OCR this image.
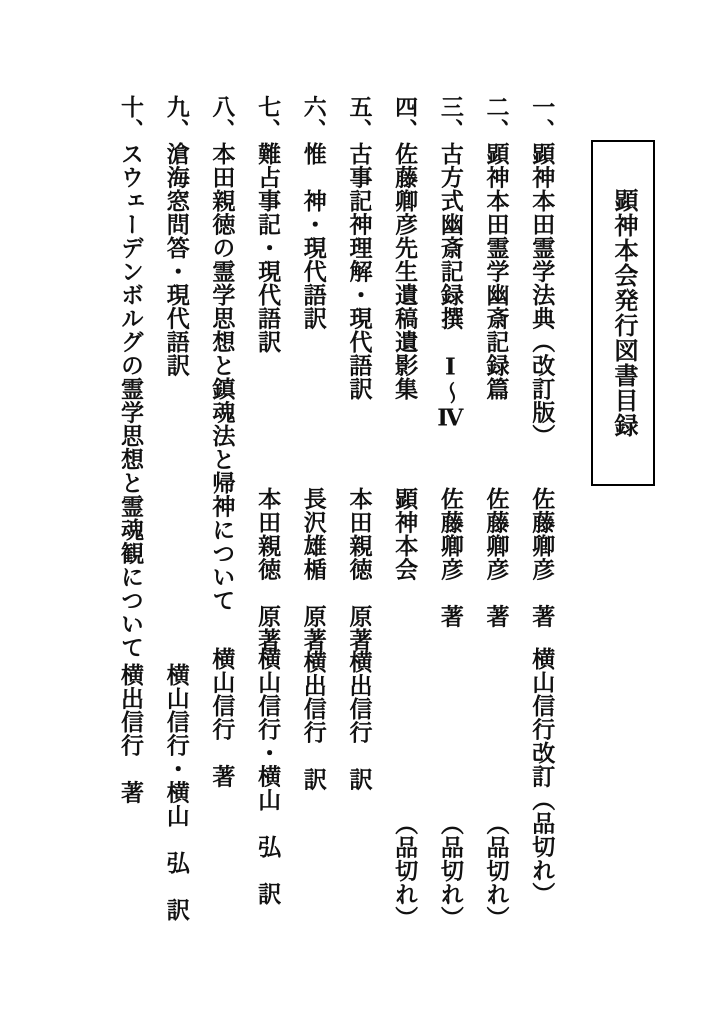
顕神本会発行図書目録
一、顕神本田霊学法典（改訂版）
佐藤卿彦　著
横山信行改訂（品切れ）
二、顕神本田霊学幽斎記録篇
佐藤卿彦　著
（品切れ）
三、古方式幽斎記録撰　Ⅰ～Ⅳ
佐藤卿彦　著
（品切れ）
四、佐藤卿彦先生遺稿遺影集
顕神本会
（品切れ）
五、古事記神理解・現代語訳
本田親徳　原著
横出信行　訳
六、惟　神・現代語訳
長沢雄楯　原著
横出信行　訳
七、難占事記・現代語訳
本田親徳　原著
横山信行・横山　弘　訳
八、本田親徳の霊学思想と鎮魂法と帰神について
横山信行　著
九、滄海窓問答・現代語訳
横山信行・横山　弘　訳
十、スウェーデンボルグの霊学思想と霊魂観について
横出信行　著
